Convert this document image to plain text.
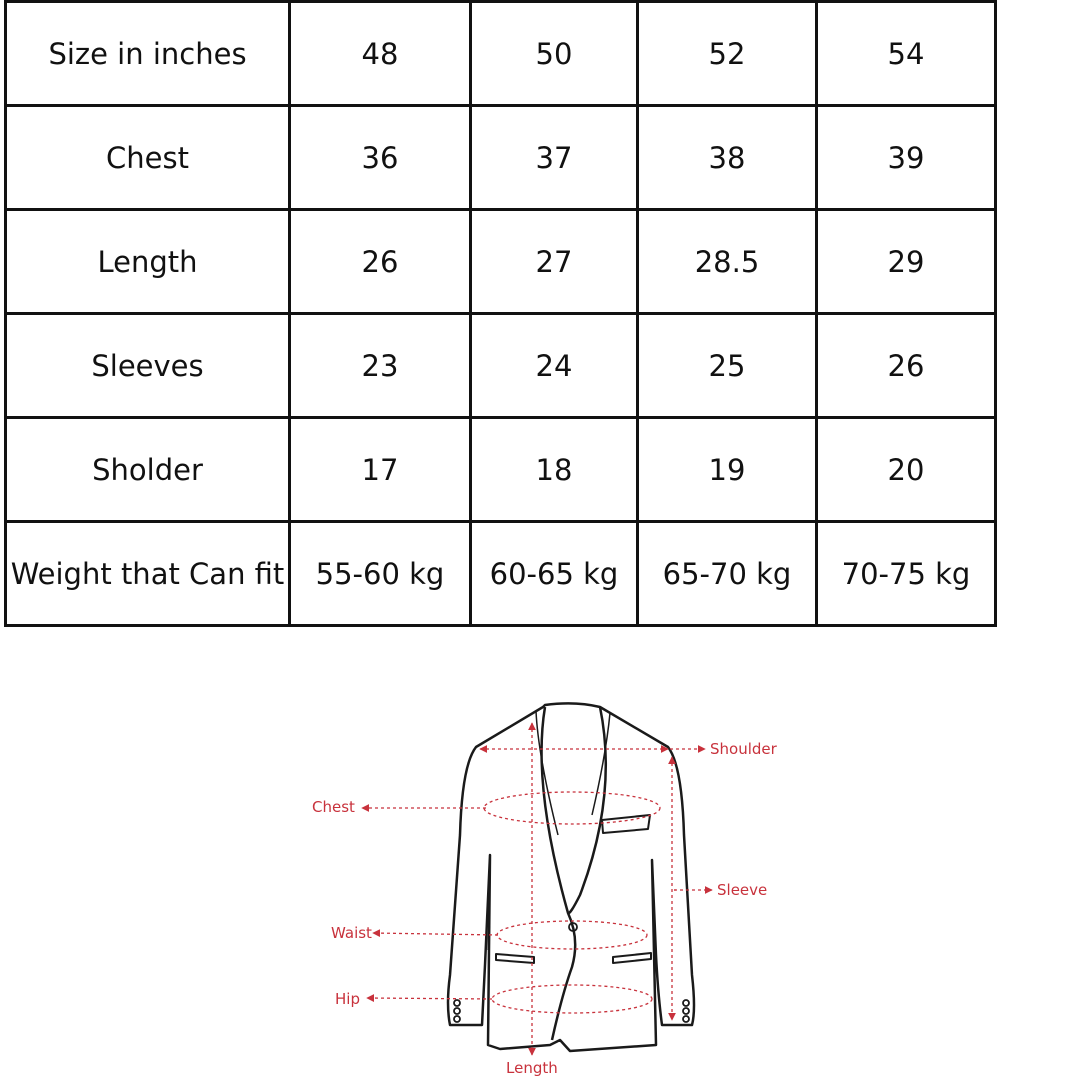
Size in inches	48	50	52	54
Chest	36	37	38	39
Length	26	27	28.5	29
Sleeves	23	24	25	26
Sholder	17	18	19	20
Weight that Can fit	55-60 kg	60-65 kg	65-70 kg	70-75 kg
Shoulder
Chest
Sleeve
Waist
Hip
Length
